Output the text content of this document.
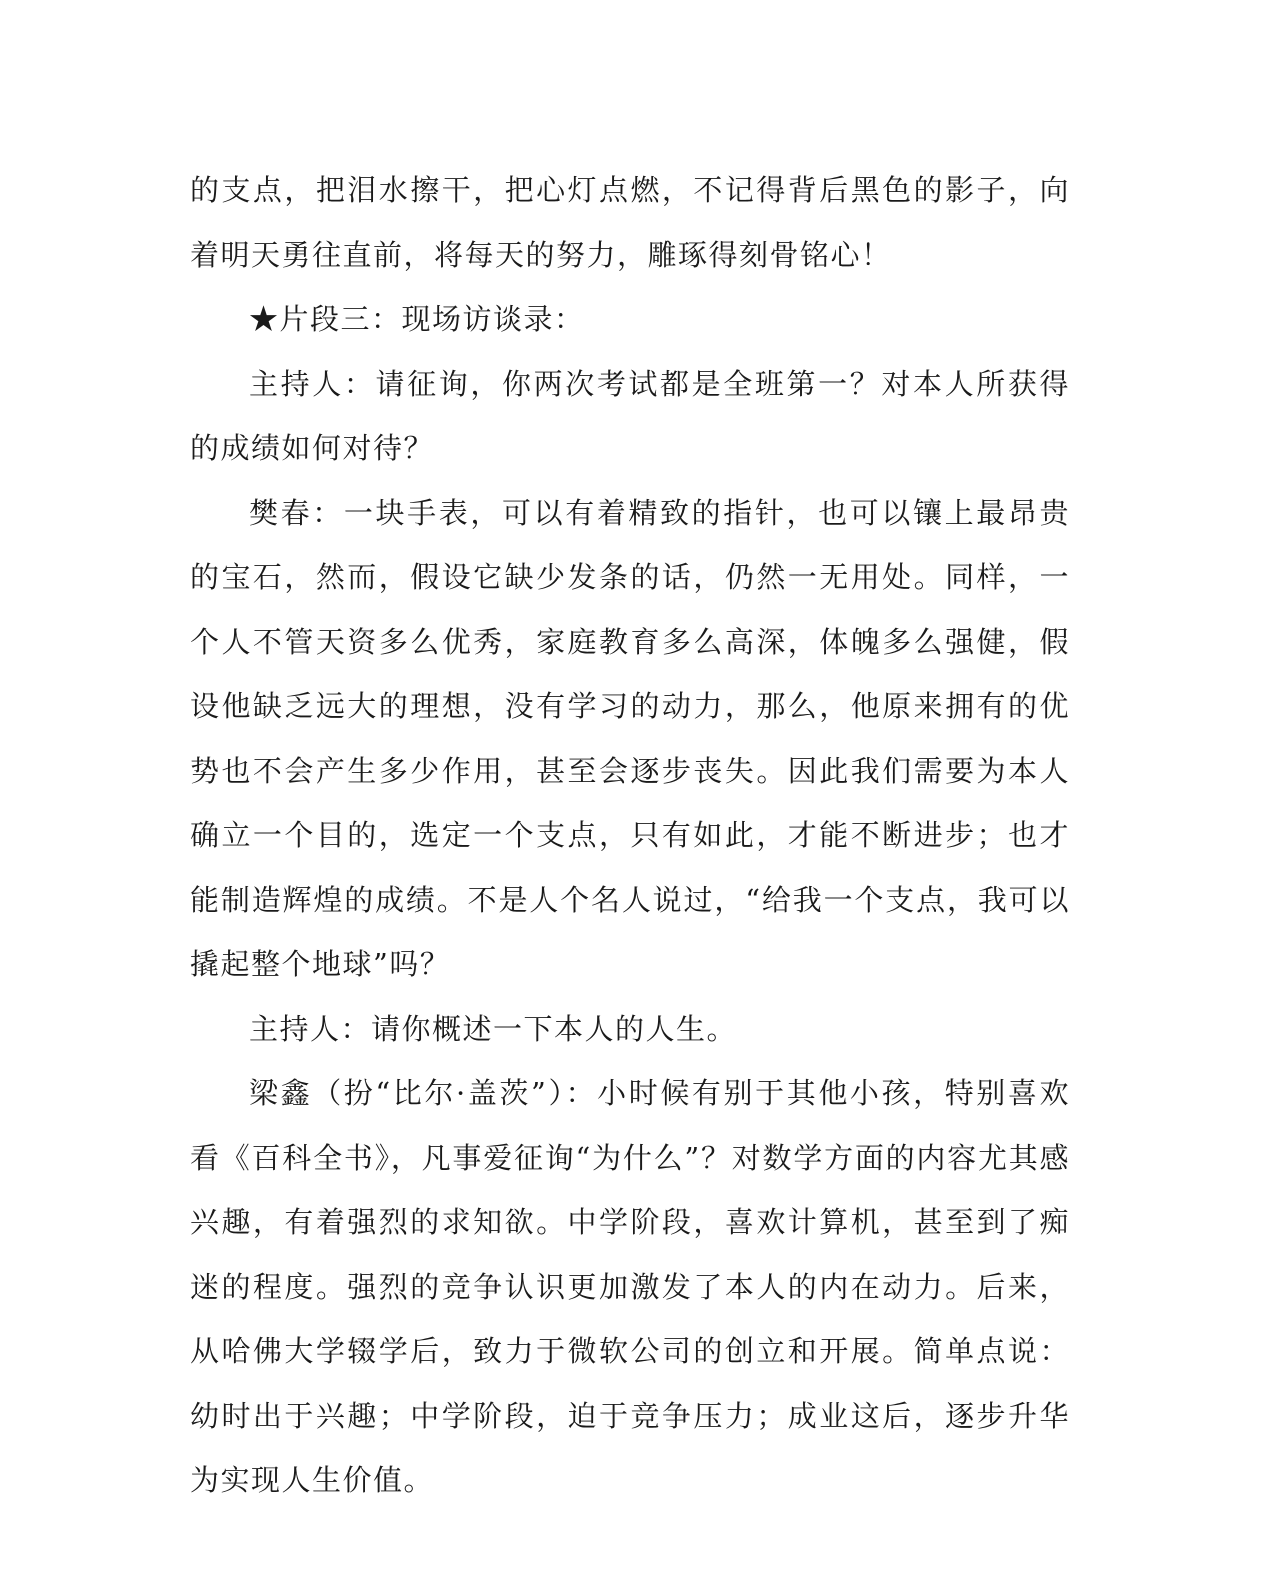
的支点，把泪水擦干，把心灯点燃，不记得背后黑色的影子，向着明天勇往直前，将每天的努力，雕琢得刻骨铭心！

★片段三：现场访谈录：

主持人：请征询，你两次考试都是全班第一？对本人所获得的成绩如何对待？

樊春：一块手表，可以有着精致的指针，也可以镶上最昂贵的宝石，然而，假设它缺少发条的话，仍然一无用处。同样，一个人不管天资多么优秀，家庭教育多么高深，体魄多么强健，假设他缺乏远大的理想，没有学习的动力，那么，他原来拥有的优势也不会产生多少作用，甚至会逐步丧失。因此我们需要为本人确立一个目的，选定一个支点，只有如此，才能不断进步；也才能制造辉煌的成绩。不是人个名人说过，“给我一个支点，我可以撬起整个地球”吗？

主持人：请你概述一下本人的人生。

梁鑫（扮“比尔·盖茨”）：小时候有别于其他小孩，特别喜欢看《百科全书》，凡事爱征询“为什么”？对数学方面的内容尤其感兴趣，有着强烈的求知欲。中学阶段，喜欢计算机，甚至到了痴迷的程度。强烈的竞争认识更加激发了本人的内在动力。后来，从哈佛大学辍学后，致力于微软公司的创立和开展。简单点说：幼时出于兴趣；中学阶段，迫于竞争压力；成业这后，逐步升华为实现人生价值。
